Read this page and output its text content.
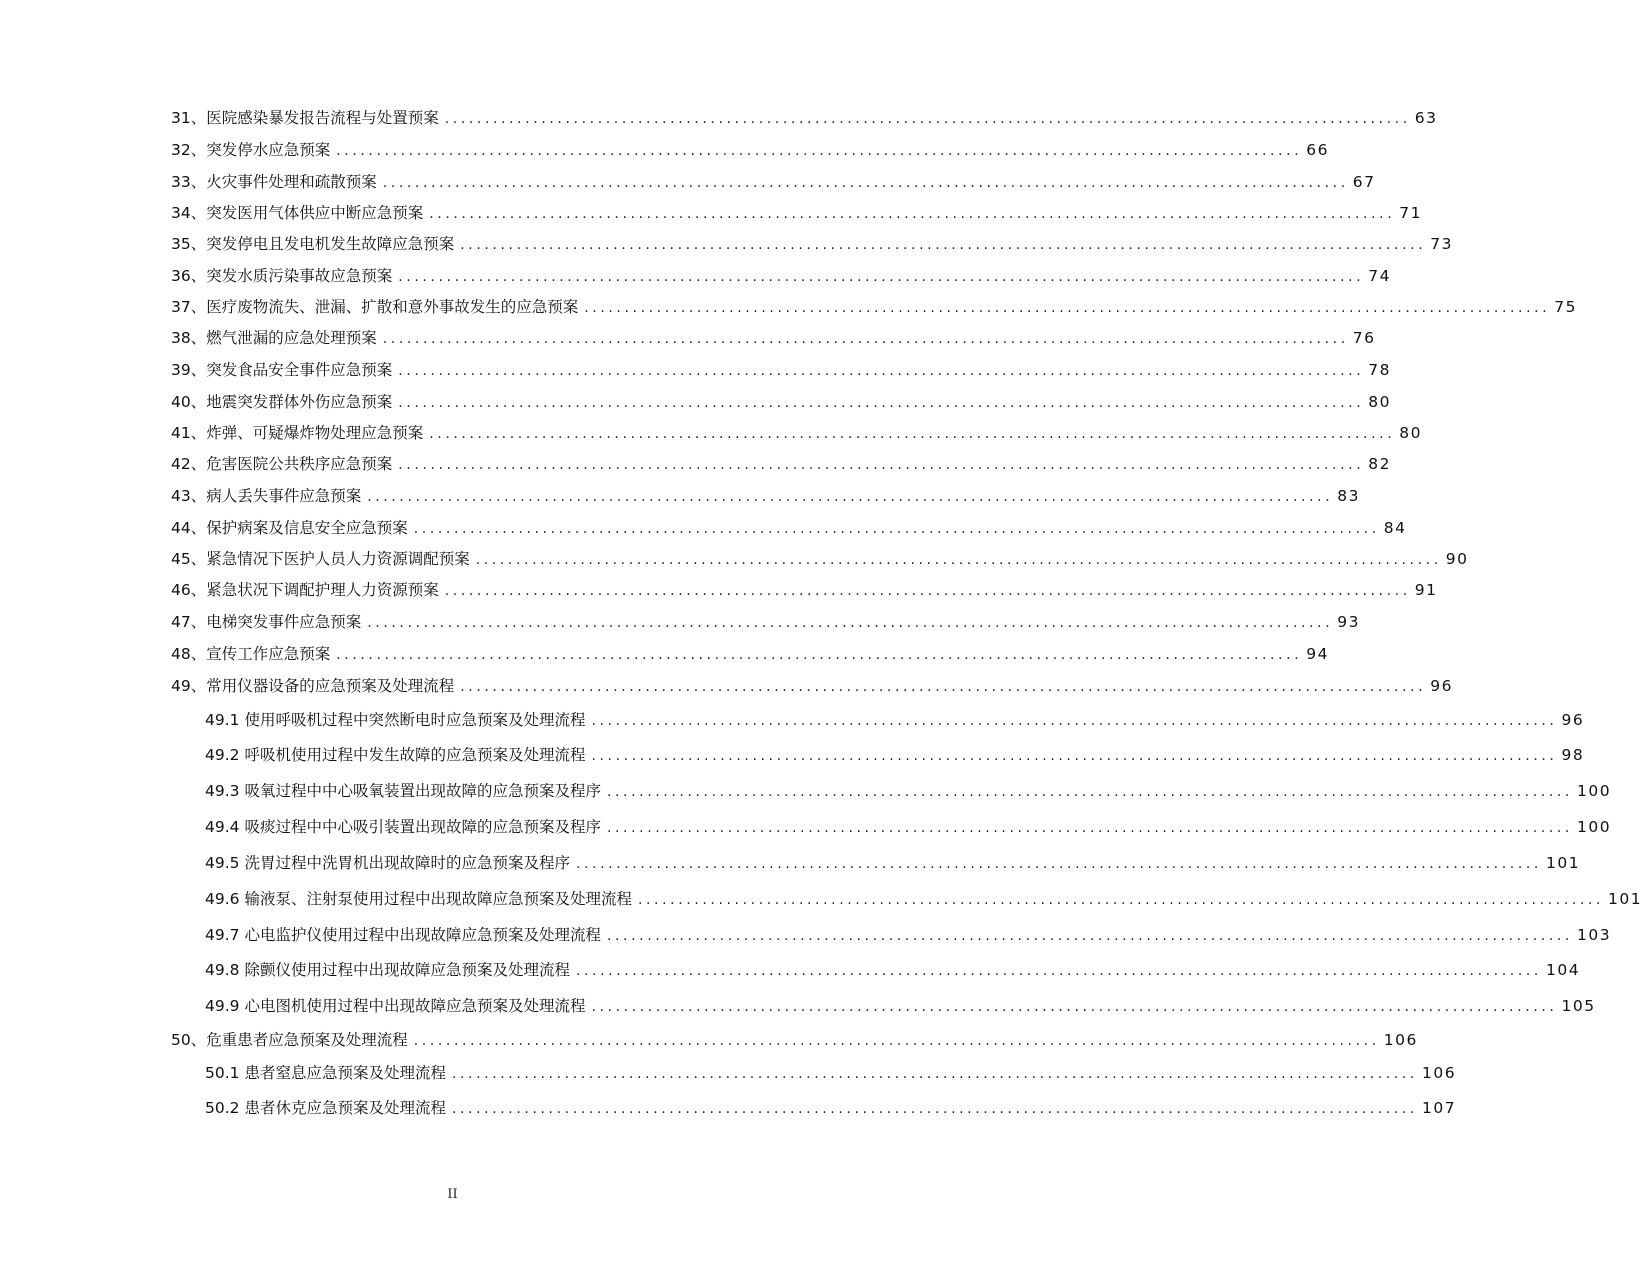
31、医院感染暴发报告流程与处置预案 ........................................................................................................................ 63
32、突发停水应急预案 ........................................................................................................................ 66
33、火灾事件处理和疏散预案 ........................................................................................................................ 67
34、突发医用气体供应中断应急预案 ........................................................................................................................ 71
35、突发停电且发电机发生故障应急预案 ........................................................................................................................ 73
36、突发水质污染事故应急预案 ........................................................................................................................ 74
37、医疗废物流失、泄漏、扩散和意外事故发生的应急预案 ........................................................................................................................ 75
38、燃气泄漏的应急处理预案 ........................................................................................................................ 76
39、突发食品安全事件应急预案 ........................................................................................................................ 78
40、地震突发群体外伤应急预案 ........................................................................................................................ 80
41、炸弹、可疑爆炸物处理应急预案 ........................................................................................................................ 80
42、危害医院公共秩序应急预案 ........................................................................................................................ 82
43、病人丢失事件应急预案 ........................................................................................................................ 83
44、保护病案及信息安全应急预案 ........................................................................................................................ 84
45、紧急情况下医护人员人力资源调配预案 ........................................................................................................................ 90
46、紧急状况下调配护理人力资源预案 ........................................................................................................................ 91
47、电梯突发事件应急预案 ........................................................................................................................ 93
48、宣传工作应急预案 ........................................................................................................................ 94
49、常用仪器设备的应急预案及处理流程 ........................................................................................................................ 96
49.1 使用呼吸机过程中突然断电时应急预案及处理流程 ........................................................................................................................ 96
49.2 呼吸机使用过程中发生故障的应急预案及处理流程 ........................................................................................................................ 98
49.3 吸氧过程中中心吸氧装置出现故障的应急预案及程序 ........................................................................................................................ 100
49.4 吸痰过程中中心吸引装置出现故障的应急预案及程序 ........................................................................................................................ 100
49.5 洗胃过程中洗胃机出现故障时的应急预案及程序 ........................................................................................................................ 101
49.6 输液泵、注射泵使用过程中出现故障应急预案及处理流程 ........................................................................................................................ 101
49.7 心电监护仪使用过程中出现故障应急预案及处理流程 ........................................................................................................................ 103
49.8 除颤仪使用过程中出现故障应急预案及处理流程 ........................................................................................................................ 104
49.9 心电图机使用过程中出现故障应急预案及处理流程 ........................................................................................................................ 105
50、危重患者应急预案及处理流程 ........................................................................................................................ 106
50.1 患者窒息应急预案及处理流程 ........................................................................................................................ 106
50.2 患者休克应急预案及处理流程 ........................................................................................................................ 107
II
